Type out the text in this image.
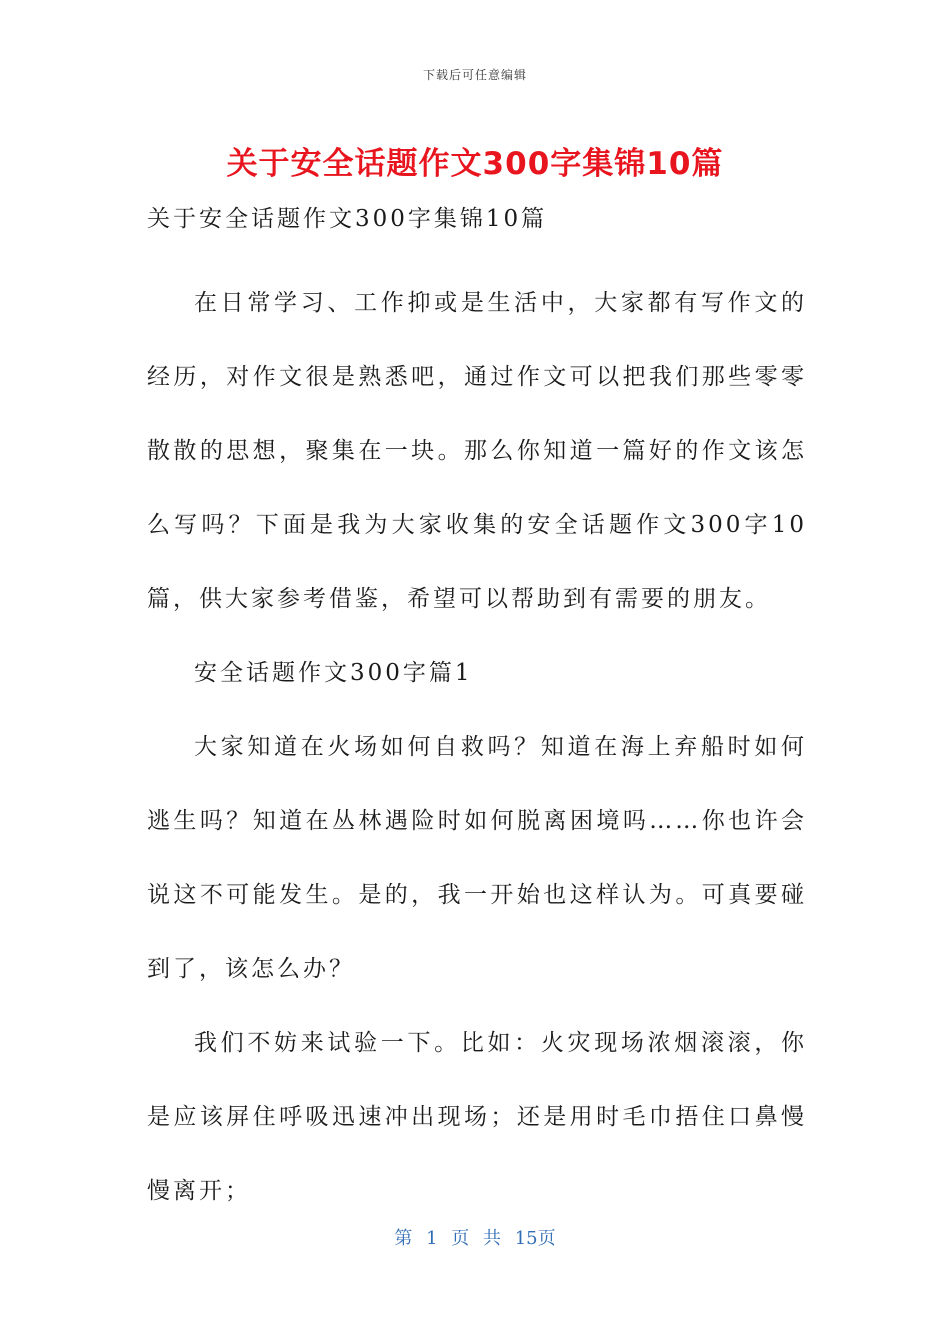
下载后可任意编辑
关于安全话题作文300字集锦10篇

关于安全话题作文300字集锦10篇

在日常学习、工作抑或是生活中，大家都有写作文的经历，对作文很是熟悉吧，通过作文可以把我们那些零零散散的思想，聚集在一块。那么你知道一篇好的作文该怎么写吗？下面是我为大家收集的安全话题作文300字10篇，供大家参考借鉴，希望可以帮助到有需要的朋友。

安全话题作文300字篇1

大家知道在火场如何自救吗？知道在海上弃船时如何逃生吗？知道在丛林遇险时如何脱离困境吗……你也许会说这不可能发生。是的，我一开始也这样认为。可真要碰到了，该怎么办？

我们不妨来试验一下。比如：火灾现场浓烟滚滚，你是应该屏住呼吸迅速冲出现场；还是用时毛巾捂住口鼻慢慢离开；

第 1 页 共 15页
